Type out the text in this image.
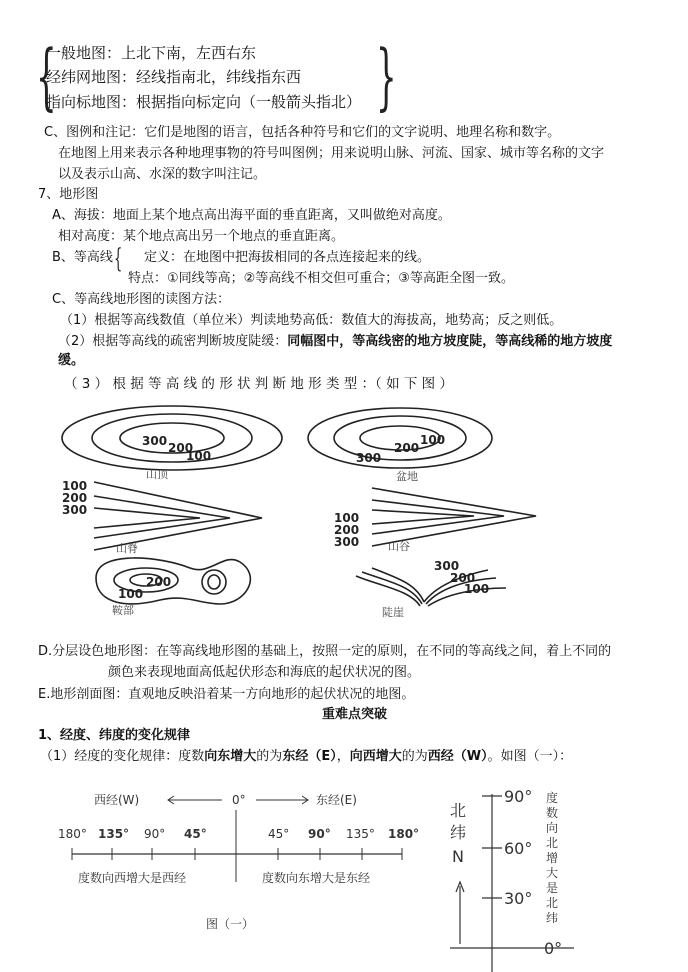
{	}
一般地图：上北下南，左西右东
经纬网地图：经线指南北，纬线指东西
指向标地图：根据指向标定向（一般箭头指北）
C、图例和注记：它们是地图的语言，包括各种符号和它们的文字说明、地理名称和数字。
在地图上用来表示各种地理事物的符号叫图例；用来说明山脉、河流、国家、城市等名称的文字
以及表示山高、水深的数字叫注记。
7、地形图
A、海拔：地面上某个地点高出海平面的垂直距离，又叫做绝对高度。
相对高度：某个地点高出另一个地点的垂直距离。
B、等高线 { 定义：在地图中把海拔相同的各点连接起来的线。
特点：①同线等高；②等高线不相交但可重合；③等高距全图一致。
C、等高线地形图的读图方法：
（1）根据等高线数值（单位米）判读地势高低：数值大的海拔高，地势高；反之则低。
（2）根据等高线的疏密判断坡度陡缓：同幅图中，等高线密的地方坡度陡，等高线稀的地方坡度
缓。
（ 3 ） 根 据 等 高 线 的 形 状 判 断 地 形 类 型 ：（ 如 下 图 ）
300 200
100
100
200
300
100
200
300
100
200
300
200
100
300
200
100
山顶	盆地
山脊	山谷
鞍部	陡崖
D.分层设色地形图：在等高线地形图的基础上，按照一定的原则，在不同的等高线之间，着上不同的
颜色来表现地面高低起伏形态和海底的起伏状况的图。
E.地形剖面图：直观地反映沿着某一方向地形的起伏状况的地图。
重难点突破
1、经度、纬度的变化规律
（1）经度的变化规律：度数向东增大的为东经（E），向西增大的为西经（W）。如图（一）：
西经(W)	0°	东经(E)
180° 135° 90° 45°	45° 90° 135° 180°
度数向西增大是西经	度数向东增大是东经
图（一）
北
纬
N
90°
60°
30°
0°
度
数
向
北
增
大
是
北
纬
